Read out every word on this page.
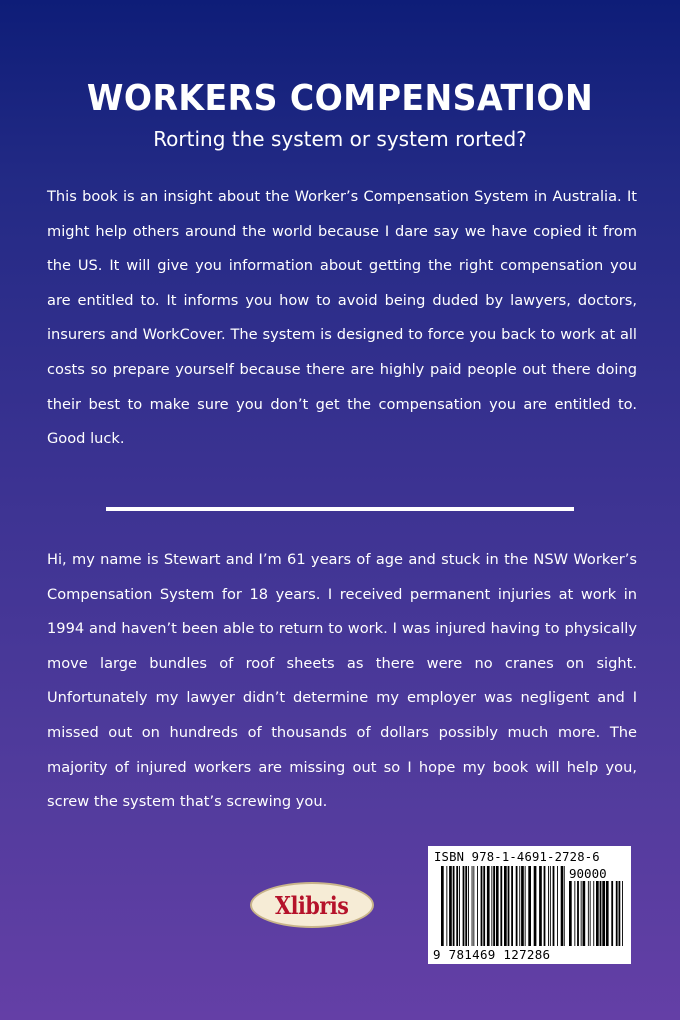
WORKERS COMPENSATION
Rorting the system or system rorted?
This book is an insight about the Worker’s Compensation System in Australia. It might help others around the world because I dare say we have copied it from the US. It will give you information about getting the right compensation you are entitled to. It informs you how to avoid being duded by lawyers, doctors, insurers and WorkCover. The system is designed to force you back to work at all costs so prepare yourself because there are highly paid people out there doing their best to make sure you don’t get the compensation you are entitled to. Good luck.
Hi, my name is Stewart and I’m 61 years of age and stuck in the NSW Worker’s Compensation System for 18 years. I received permanent injuries at work in 1994 and haven’t been able to return to work. I was injured having to physically move large bundles of roof sheets as there were no cranes on sight. Unfortunately my lawyer didn’t determine my employer was negligent and I missed out on hundreds of thousands of dollars possibly much more. The majority of injured workers are missing out so I hope my book will help you, screw the system that’s screwing you.
Xlibris
ISBN 978-1-4691-2728-6
90000
9 781469 127286
